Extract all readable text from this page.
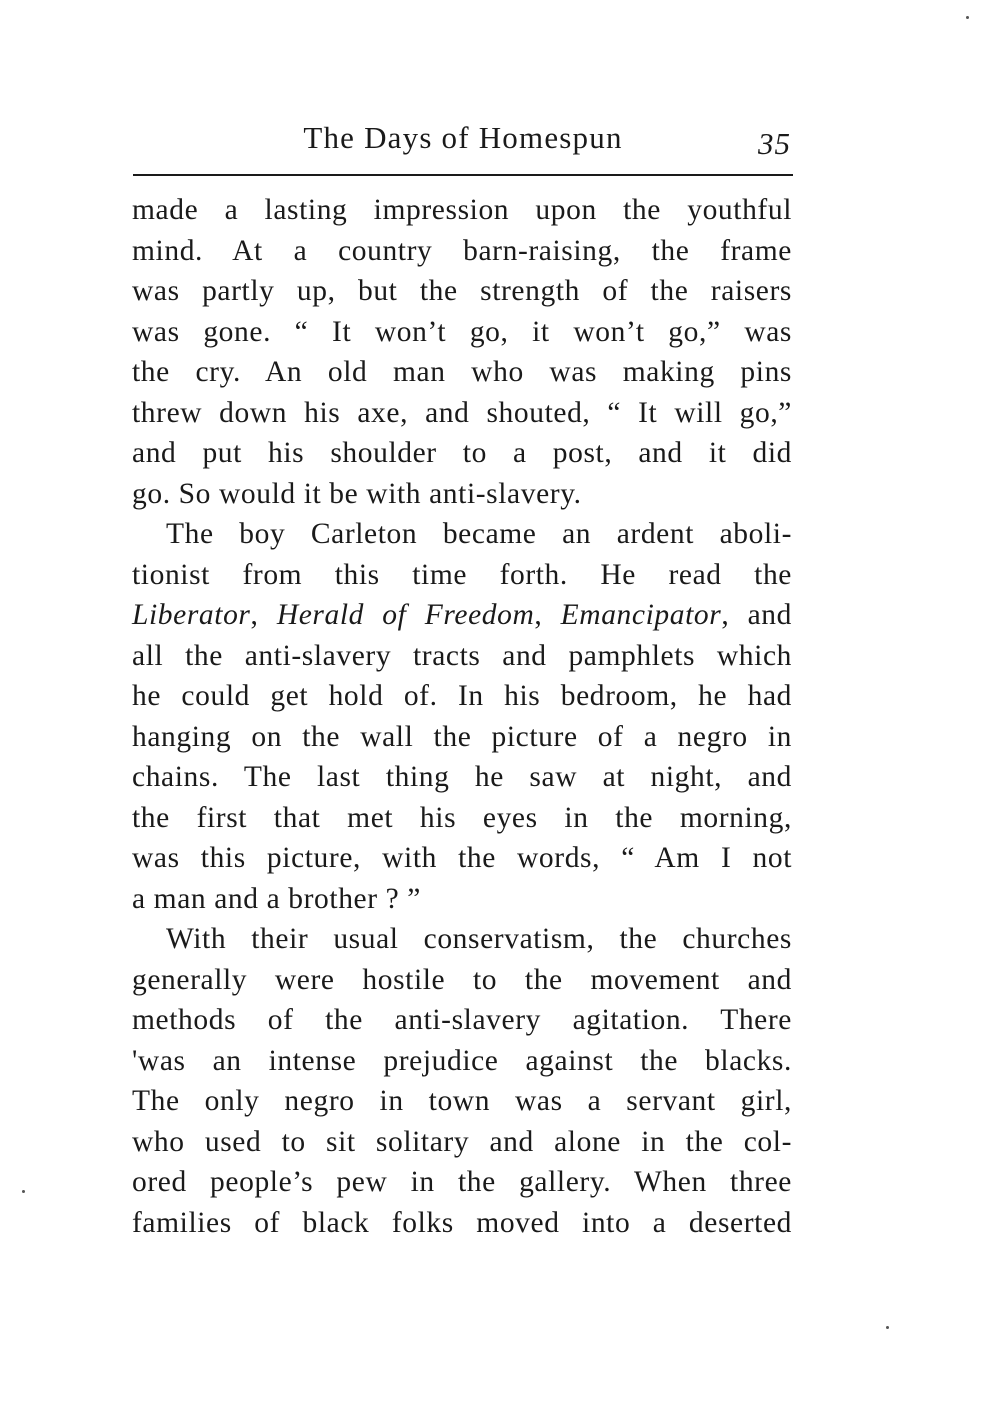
The Days of Homespun	35
made a lasting impression upon the youthful
mind. At a country barn-raising, the frame
was partly up, but the strength of the raisers
was gone. “ It won’t go, it won’t go,” was
the cry. An old man who was making pins
threw down his axe, and shouted, “ It will go,”
and put his shoulder to a post, and it did
go. So would it be with anti-slavery.
The boy Carleton became an ardent aboli-
tionist from this time forth. He read the
Liberator, Herald of Freedom, Emancipator, and
all the anti-slavery tracts and pamphlets which
he could get hold of. In his bedroom, he had
hanging on the wall the picture of a negro in
chains. The last thing he saw at night, and
the first that met his eyes in the morning,
was this picture, with the words, “ Am I not
a man and a brother ? ”
With their usual conservatism, the churches
generally were hostile to the movement and
methods of the anti-slavery agitation. There
'was an intense prejudice against the blacks.
The only negro in town was a servant girl,
who used to sit solitary and alone in the col-
ored people’s pew in the gallery. When three
families of black folks moved into a deserted
